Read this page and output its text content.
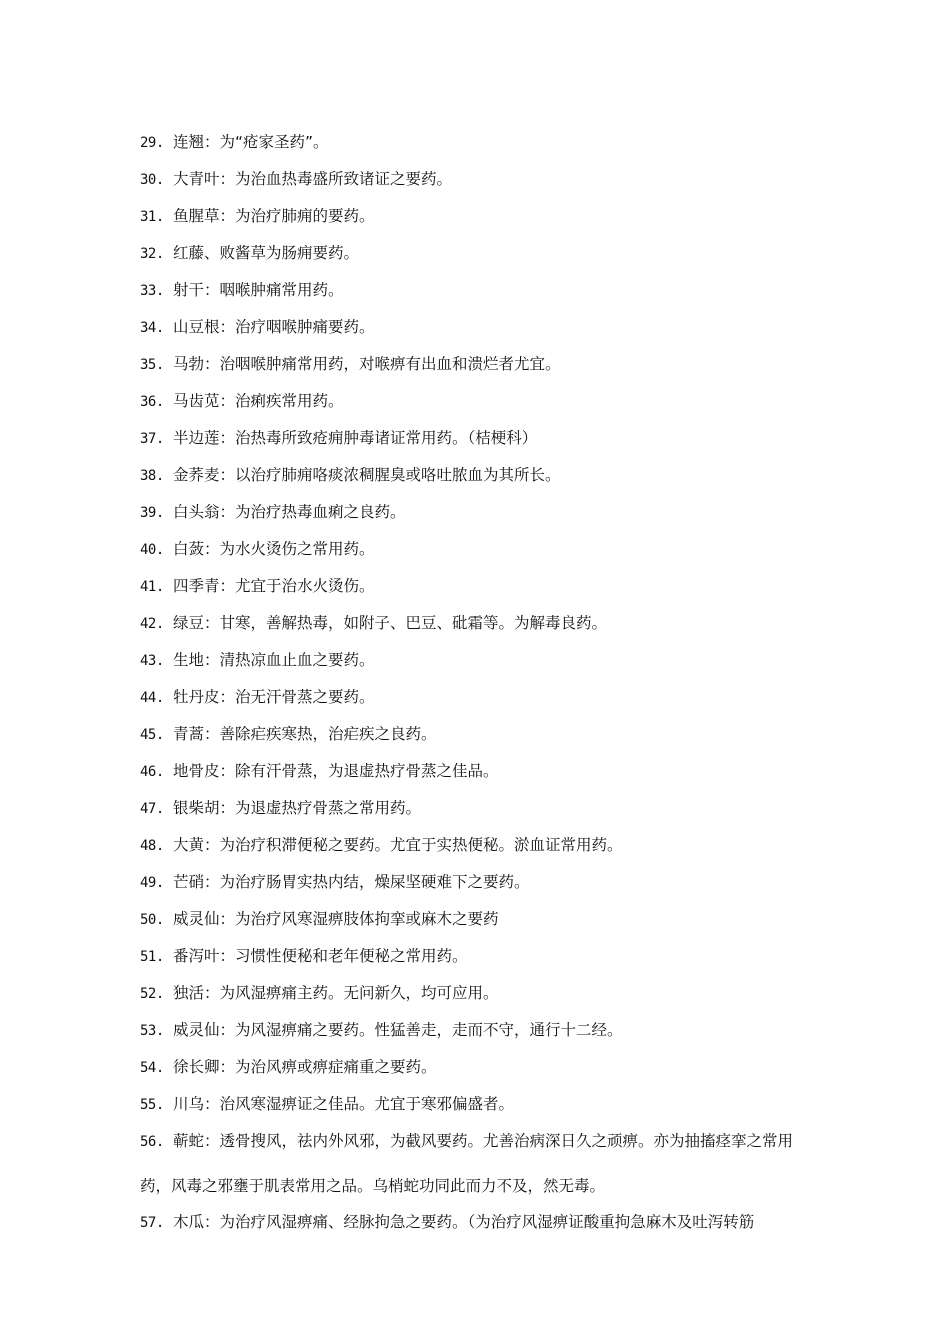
29. 连翘：为“疮家圣药”。

30. 大青叶：为治血热毒盛所致诸证之要药。

31. 鱼腥草：为治疗肺痈的要药。

32. 红藤、败酱草为肠痈要药。

33. 射干：咽喉肿痛常用药。

34. 山豆根：治疗咽喉肿痛要药。

35. 马勃：治咽喉肿痛常用药，对喉痹有出血和溃烂者尤宜。

36. 马齿苋：治痢疾常用药。

37. 半边莲：治热毒所致疮痈肿毒诸证常用药。（桔梗科）

38. 金荞麦：以治疗肺痈咯痰浓稠腥臭或咯吐脓血为其所长。

39. 白头翁：为治疗热毒血痢之良药。

40. 白蔹：为水火烫伤之常用药。

41. 四季青：尤宜于治水火烫伤。

42. 绿豆：甘寒，善解热毒，如附子、巴豆、砒霜等。为解毒良药。

43. 生地：清热凉血止血之要药。

44. 牡丹皮：治无汗骨蒸之要药。

45. 青蒿：善除疟疾寒热，治疟疾之良药。

46. 地骨皮：除有汗骨蒸，为退虚热疗骨蒸之佳品。

47. 银柴胡：为退虚热疗骨蒸之常用药。

48. 大黄：为治疗积滞便秘之要药。尤宜于实热便秘。淤血证常用药。

49. 芒硝：为治疗肠胃实热内结，燥屎坚硬难下之要药。

50. 威灵仙：为治疗风寒湿痹肢体拘挛或麻木之要药

51. 番泻叶：习惯性便秘和老年便秘之常用药。

52. 独活：为风湿痹痛主药。无问新久，均可应用。

53. 威灵仙：为风湿痹痛之要药。性猛善走，走而不守，通行十二经。

54. 徐长卿：为治风痹或痹症痛重之要药。

55. 川乌：治风寒湿痹证之佳品。尤宜于寒邪偏盛者。

56. 蕲蛇：透骨搜风，祛内外风邪，为截风要药。尤善治病深日久之顽痹。亦为抽搐痉挛之常用药，风毒之邪壅于肌表常用之品。乌梢蛇功同此而力不及，然无毒。

57. 木瓜：为治疗风湿痹痛、经脉拘急之要药。（为治疗风湿痹证酸重拘急麻木及吐泻转筋
